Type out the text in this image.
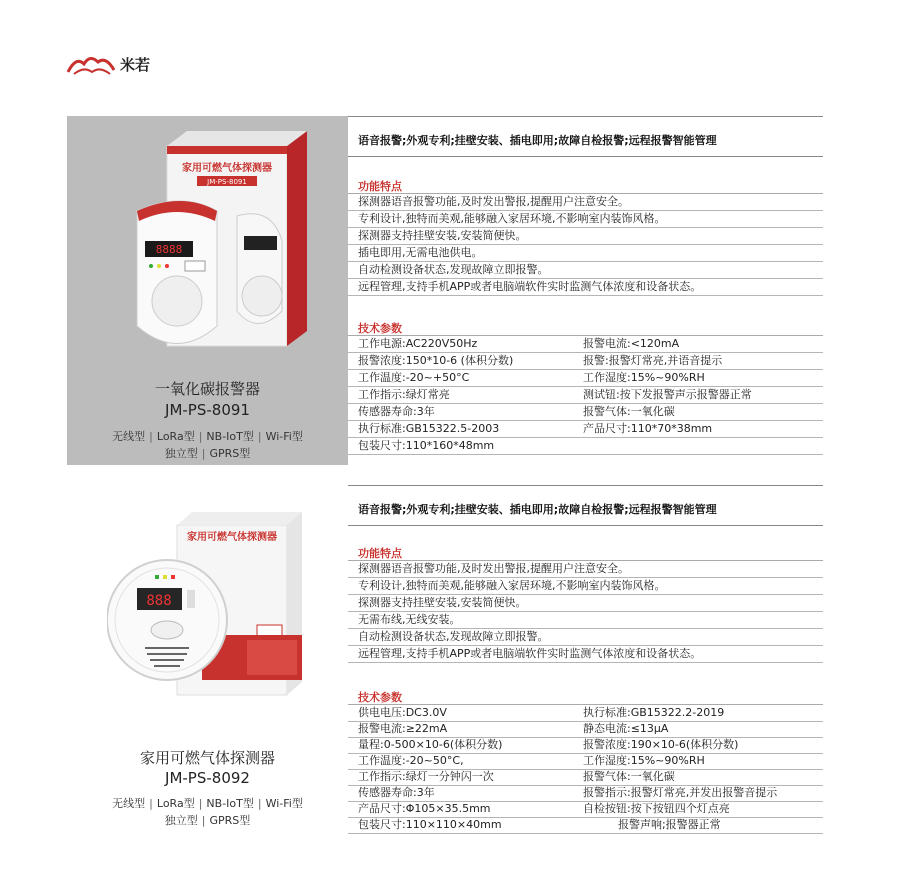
米若
家用可燃气体探测器
JM-PS-8091
8888
一氧化碳报警器
JM-PS-8091
无线型 | LoRa型 | NB-IoT型 | Wi-Fi型
独立型 | GPRS型
语音报警;外观专利;挂壁安装、插电即用;故障自检报警;远程报警智能管理
功能特点
探测器语音报警功能,及时发出警报,提醒用户注意安全。
专利设计,独特而美观,能够融入家居环境,不影响室内装饰风格。
探测器支持挂壁安装,安装简便快。
插电即用,无需电池供电。
自动检测设备状态,发现故障立即报警。
远程管理,支持手机APP或者电脑端软件实时监测气体浓度和设备状态。
技术参数
工作电源:AC220V50Hz	报警电流:<120mA
报警浓度:150*10-6 (体积分数)	报警:报警灯常亮,并语音提示
工作温度:-20~+50°C	工作湿度:15%~90%RH
工作指示:绿灯常亮	测试钮:按下发报警声示报警器正常
传感器寿命:3年	报警气体:一氧化碳
执行标准:GB15322.5-2003	产品尺寸:110*70*38mm
包装尺寸:110*160*48mm
家用可燃气体探测器
888
家用可燃气体探测器
JM-PS-8092
无线型 | LoRa型 | NB-IoT型 | Wi-Fi型
独立型 | GPRS型
语音报警;外观专利;挂壁安装、插电即用;故障自检报警;远程报警智能管理
功能特点
探测器语音报警功能,及时发出警报,提醒用户注意安全。
专利设计,独特而美观,能够融入家居环境,不影响室内装饰风格。
探测器支持挂壁安装,安装简便快。
无需布线,无线安装。
自动检测设备状态,发现故障立即报警。
远程管理,支持手机APP或者电脑端软件实时监测气体浓度和设备状态。
技术参数
供电电压:DC3.0V	执行标准:GB15322.2-2019
报警电流:≥22mA	静态电流:≤13μA
量程:0-500×10-6(体积分数)	报警浓度:190×10-6(体积分数)
工作温度:-20~50°C,	工作湿度:15%~90%RH
工作指示:绿灯一分钟闪一次	报警气体:一氧化碳
传感器寿命:3年	报警指示:报警灯常亮,并发出报警音提示
产品尺寸:Φ105×35.5mm	自检按钮:按下按钮四个灯点亮
包装尺寸:110×110×40mm	报警声响;报警器正常
